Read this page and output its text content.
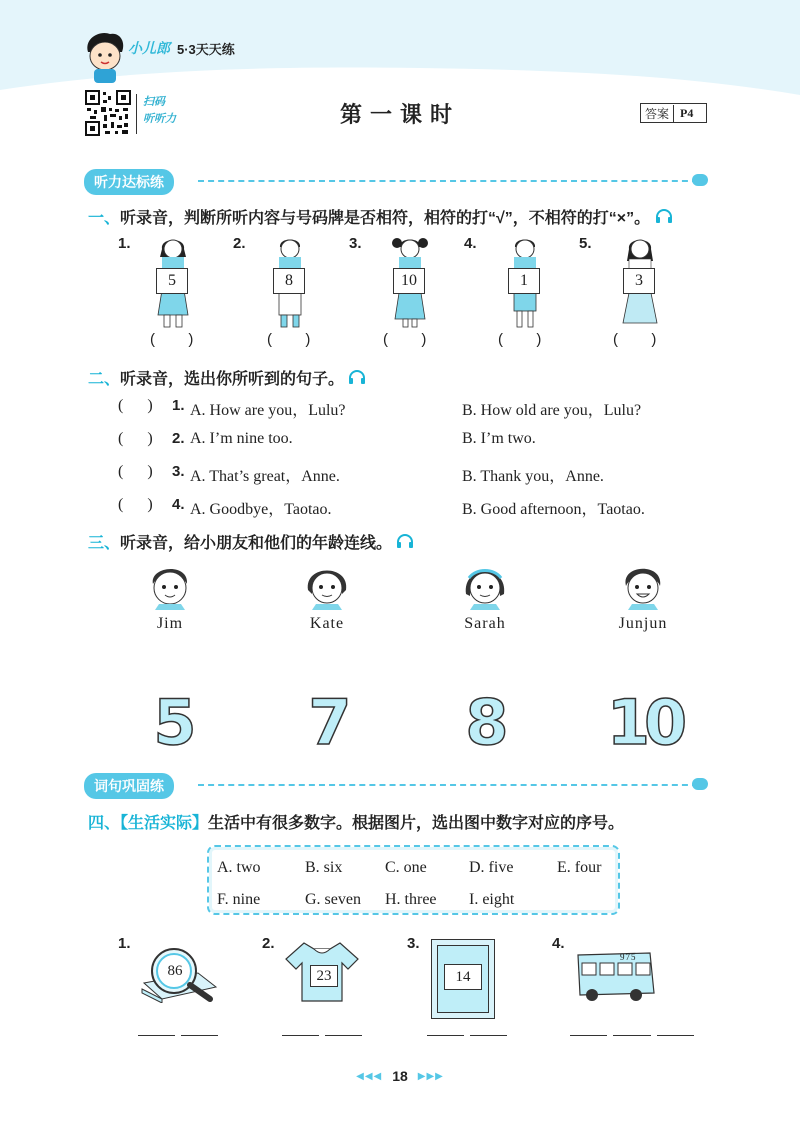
小儿郎 5·3天天练
扫码
听听力	第一课时	答案 P4
听力达标练
一、听录音，判断所听内容与号码牌是否相符，相符的打“√”，不相符的打“×”。
1.
5
(        )
2.
8
(        )
3.
10
(        )
4.
1
(        )
5.
3
(        )
二、听录音，选出你所听到的句子。
(      ) 1. A. How are you，Lulu?	B. How old are you，Lulu?
(      ) 2. A. I’m nine too.	B. I’m two.
(      ) 3. A. That’s great，Anne.	B. Thank you，Anne.
(      ) 4. A. Goodbye，Taotao.	B. Good afternoon，Taotao.
三、听录音，给小朋友和他们的年龄连线。
Jim	Kate	Sarah	Junjun
5 7 8 10
词句巩固练
四、【生活实际】生活中有很多数字。根据图片，选出图中数字对应的序号。
A. two	B. six	C. one	D. five	E. four
F. nine	G. seven H. three I. eight
1.
86
2.
23
3.
14
4.
975
◀◀◀ 18 ▶▶▶
